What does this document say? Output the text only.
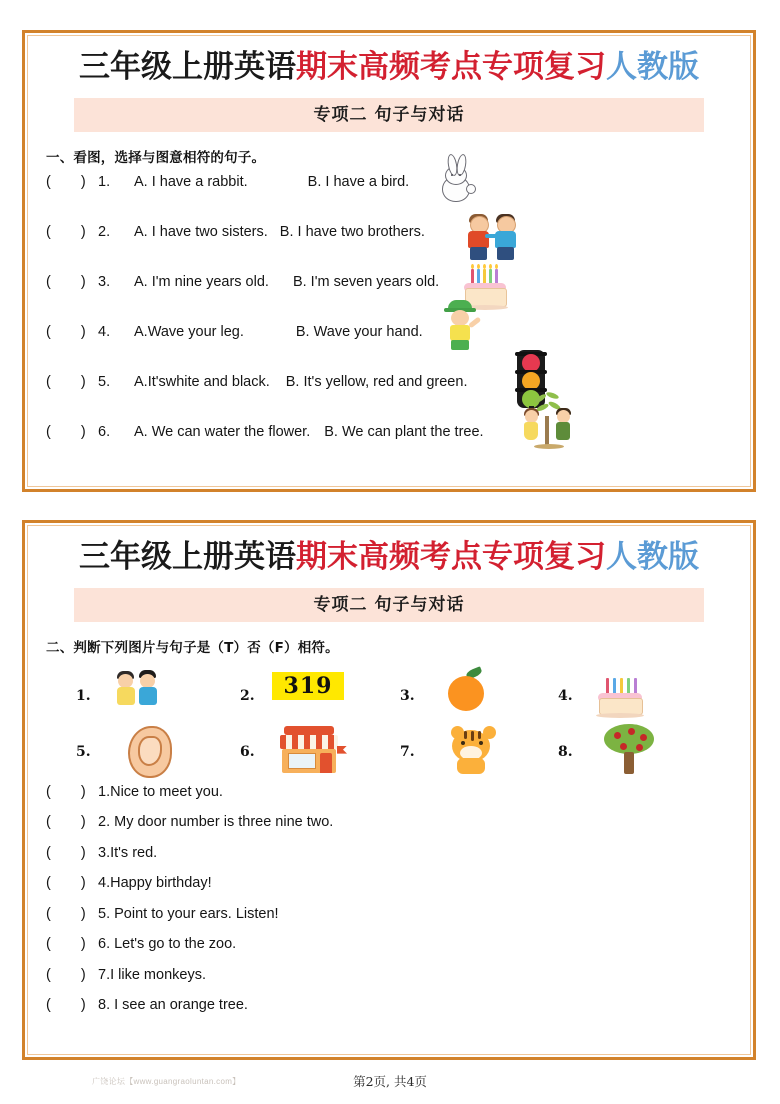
三年级上册英语期末高频考点专项复习人教版
专项二 句子与对话
一、看图，选择与图意相符的句子。
( ) 1. A. I have a rabbit.	B. I have a bird.
( ) 2. A. I have two sisters. B. I have two brothers.
( ) 3. A. I'm nine years old. B. I'm seven years old.
( ) 4. A.Wave your leg.	B. Wave your hand.
( ) 5. A.It'swhite and black. B. It's yellow, red and green.
( ) 6. A. We can water the flower. B. We can plant the tree.
三年级上册英语期末高频考点专项复习人教版
专项二 句子与对话
二、判断下列图片与句子是（T）否（F）相符。
1.	2.	319	3.	4.
5.	6.	7.	8.
( ) 1.Nice to meet you.
( ) 2. My door number is three nine two.
( ) 3.It's red.
( ) 4.Happy birthday!
( ) 5. Point to your ears. Listen!
( ) 6. Let's go to the zoo.
( ) 7.I like monkeys.
( ) 8. I see an orange tree.
广饶论坛【www.guangraoluntan.com】	第2页, 共4页
